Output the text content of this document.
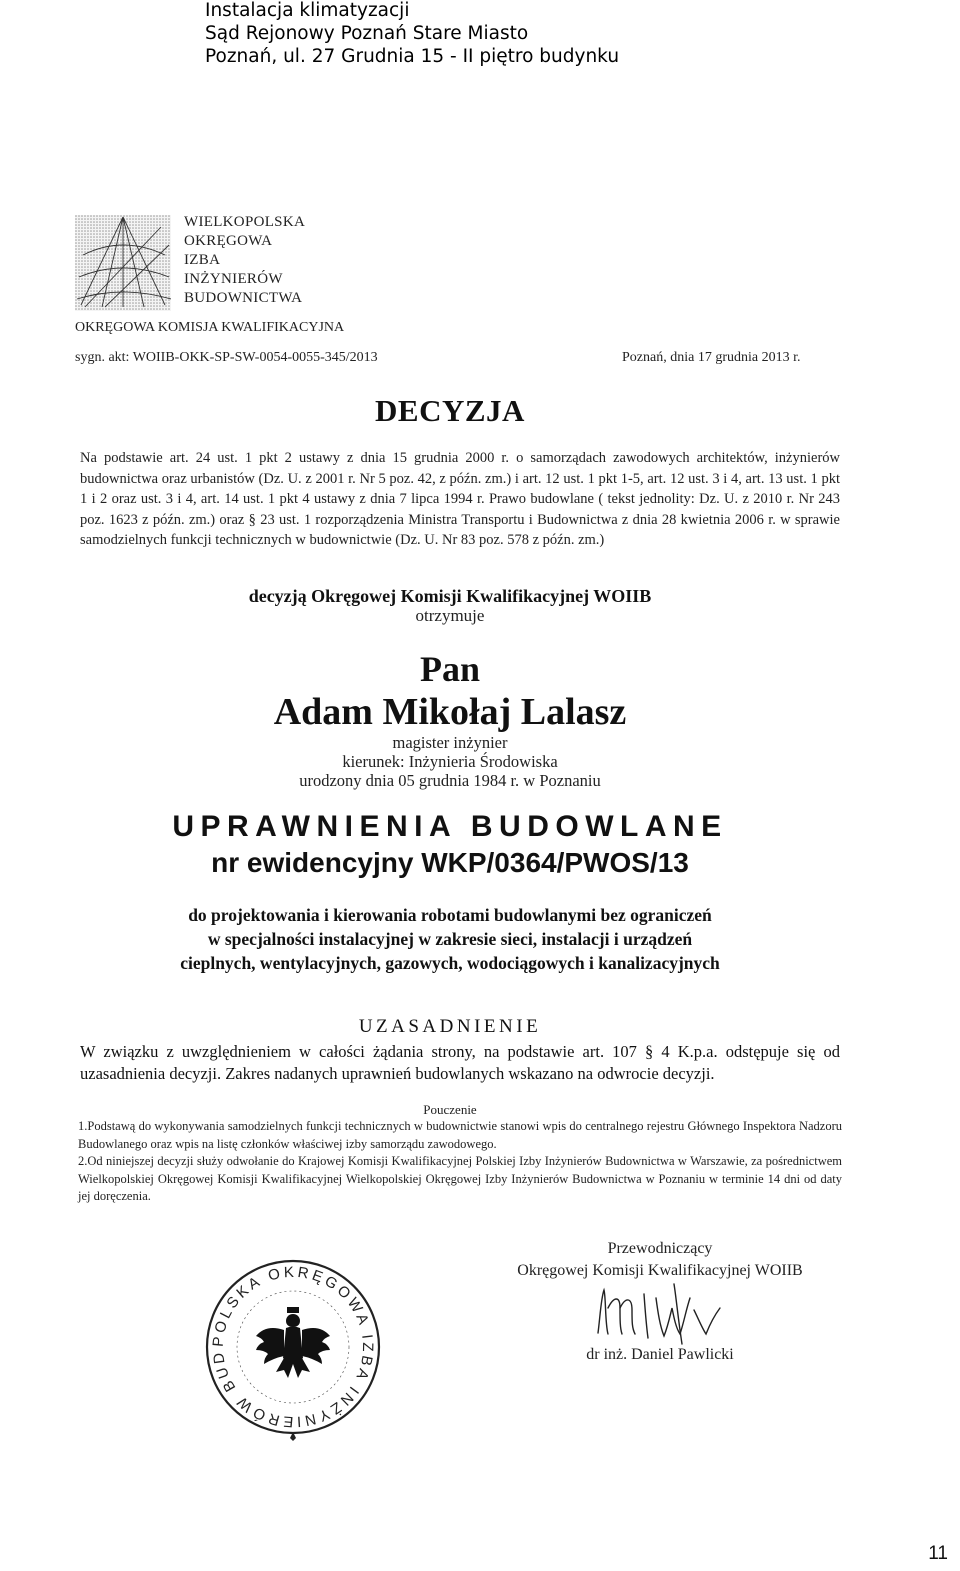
Instalacja klimatyzacji
Sąd Rejonowy Poznań Stare Miasto
Poznań, ul. 27 Grudnia 15 - II piętro budynku
WIELKOPOLSKA
OKRĘGOWA
IZBA
INŻYNIERÓW
BUDOWNICTWA
OKRĘGOWA KOMISJA KWALIFIKACYJNA
sygn. akt: WOIIB-OKK-SP-SW-0054-0055-345/2013	Poznań, dnia 17 grudnia 2013 r.
DECYZJA
Na podstawie art. 24 ust. 1 pkt 2 ustawy z dnia 15 grudnia 2000 r. o samorządach zawodowych architektów, inżynierów budownictwa oraz urbanistów (Dz. U. z 2001 r. Nr 5 poz. 42, z późn. zm.) i art. 12 ust. 1 pkt 1-5, art. 12 ust. 3 i 4, art. 13 ust. 1 pkt 1 i 2 oraz ust. 3 i 4, art. 14 ust. 1 pkt 4 ustawy z dnia 7 lipca 1994 r. Prawo budowlane ( tekst jednolity: Dz. U. z 2010 r. Nr 243 poz. 1623 z późn. zm.) oraz § 23 ust. 1 rozporządzenia Ministra Transportu i Budownictwa z dnia 28 kwietnia 2006 r. w sprawie samodzielnych funkcji technicznych w budownictwie (Dz. U. Nr 83 poz. 578 z późn. zm.)
decyzją Okręgowej Komisji Kwalifikacyjnej WOIIB
otrzymuje
Pan
Adam Mikołaj Lalasz
magister inżynier
kierunek: Inżynieria Środowiska
urodzony dnia 05 grudnia 1984 r. w Poznaniu
UPRAWNIENIA BUDOWLANE
nr ewidencyjny WKP/0364/PWOS/13
do projektowania i kierowania robotami budowlanymi bez ograniczeń
w specjalności instalacyjnej w zakresie sieci, instalacji i urządzeń
cieplnych, wentylacyjnych, gazowych, wodociągowych i kanalizacyjnych
UZASADNIENIE
W związku z uwzględnieniem w całości żądania strony, na podstawie art. 107 § 4 K.p.a. odstępuje się od uzasadnienia decyzji. Zakres nadanych uprawnień budowlanych wskazano na odwrocie decyzji.
Pouczenie
1.Podstawą do wykonywania samodzielnych funkcji technicznych w budownictwie stanowi wpis do centralnego rejestru Głównego Inspektora Nadzoru Budowlanego oraz wpis na listę członków właściwej izby samorządu zawodowego.
2.Od niniejszej decyzji służy odwołanie do Krajowej Komisji Kwalifikacyjnej Polskiej Izby Inżynierów Budownictwa w Warszawie, za pośrednictwem Wielkopolskiej Okręgowej Komisji Kwalifikacyjnej Wielkopolskiej Okręgowej Izby Inżynierów Budownictwa w Poznaniu w terminie 14 dni od daty jej doręczenia.
POLSKA OKRĘGOWA IZBA INŻYNIERÓW BUD
Przewodniczący
Okręgowej Komisji Kwalifikacyjnej WOIIB
dr inż. Daniel Pawlicki
11
